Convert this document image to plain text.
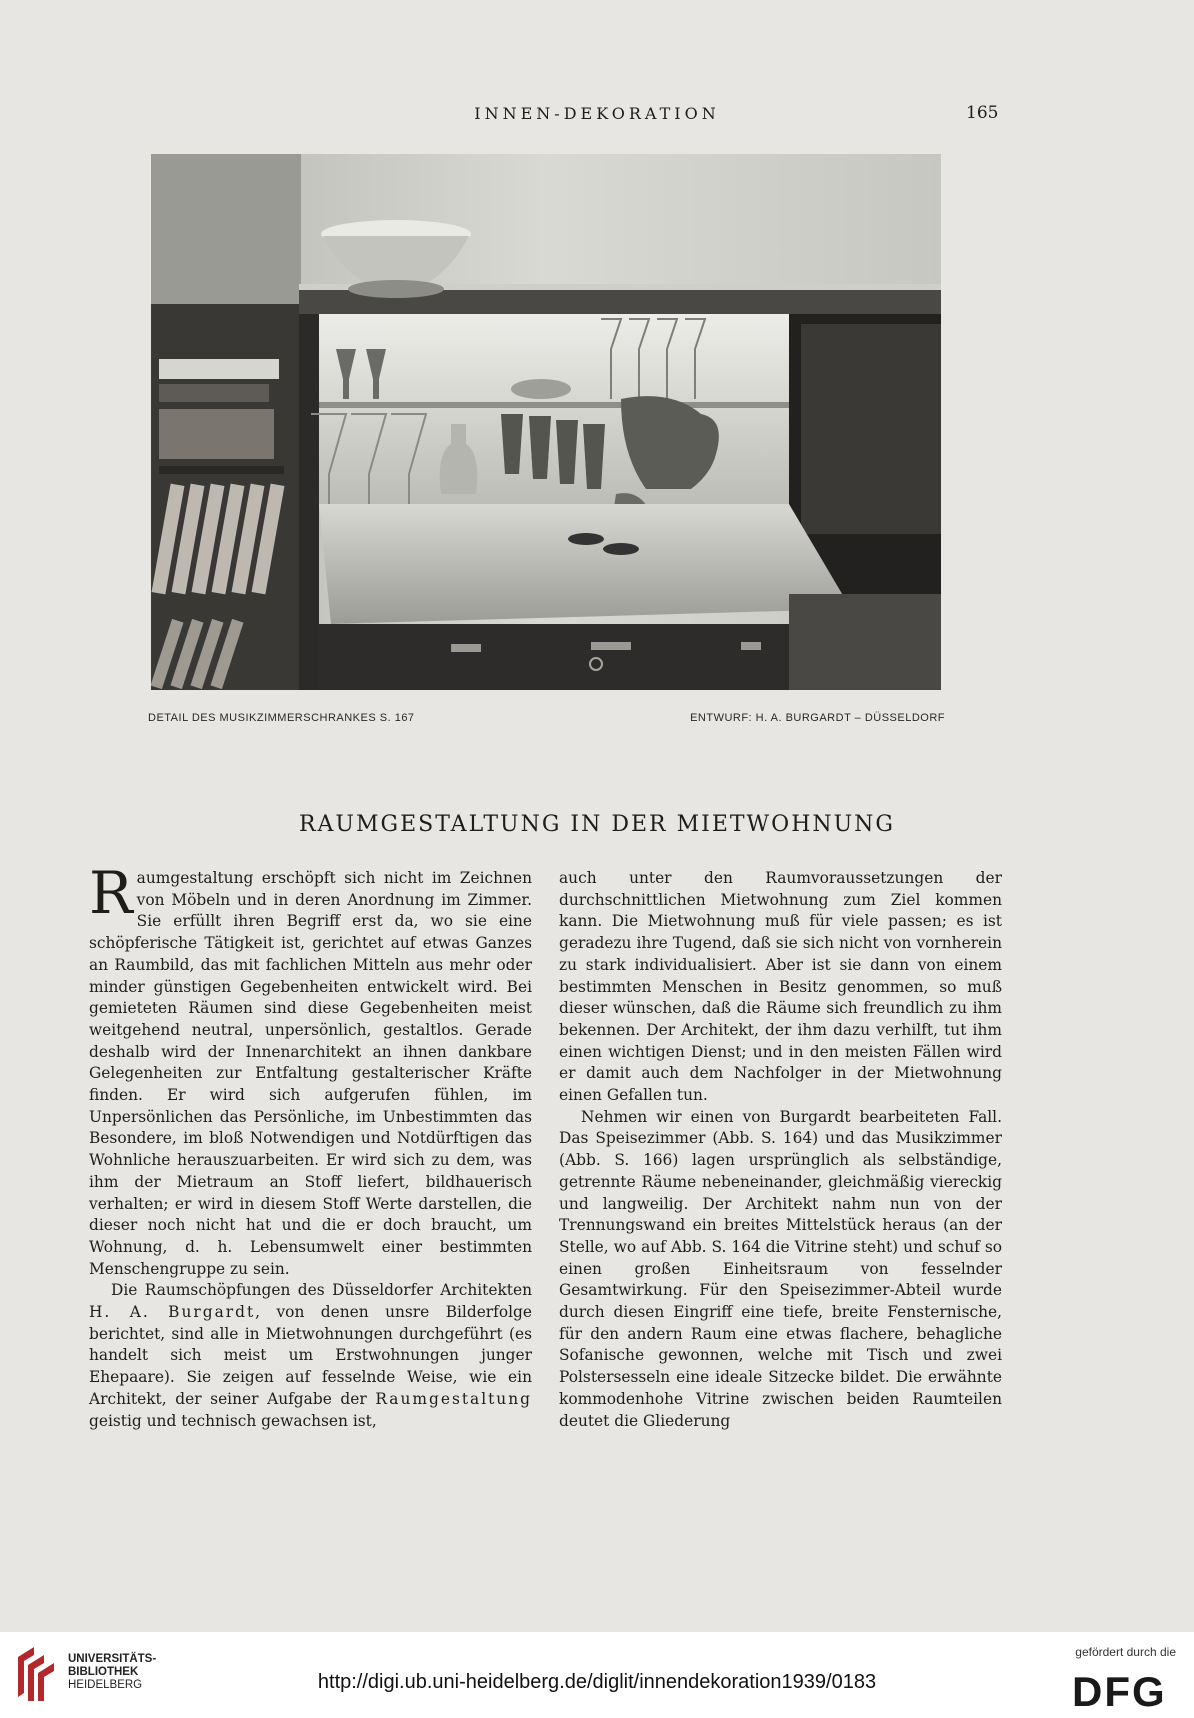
INNEN-DEKORATION	165
DETAIL DES MUSIKZIMMERSCHRANKES S. 167	ENTWURF: H. A. BURGARDT – DÜSSELDORF
RAUMGESTALTUNG IN DER MIETWOHNUNG

Raumgestaltung erschöpft sich nicht im Zeichnen von Möbeln und in deren Anordnung im Zimmer. Sie erfüllt ihren Begriff erst da, wo sie eine schöpferische Tätigkeit ist, gerichtet auf etwas Ganzes an Raumbild, das mit fachlichen Mitteln aus mehr oder minder günstigen Gegebenheiten entwickelt wird. Bei gemieteten Räumen sind diese Gegebenheiten meist weitgehend neutral, unpersönlich, gestaltlos. Gerade deshalb wird der Innenarchitekt an ihnen dankbare Gelegenheiten zur Entfaltung gestalterischer Kräfte finden. Er wird sich aufgerufen fühlen, im Unpersönlichen das Persönliche, im Unbestimmten das Besondere, im bloß Notwendigen und Notdürftigen das Wohnliche herauszuarbeiten. Er wird sich zu dem, was ihm der Mietraum an Stoff liefert, bildhauerisch verhalten; er wird in diesem Stoff Werte darstellen, die dieser noch nicht hat und die er doch braucht, um Wohnung, d. h. Lebensumwelt einer bestimmten Menschengruppe zu sein.

Die Raumschöpfungen des Düsseldorfer Architekten H. A. Burgardt, von denen unsre Bilderfolge berichtet, sind alle in Mietwohnungen durchgeführt (es handelt sich meist um Erstwohnungen junger Ehepaare). Sie zeigen auf fesselnde Weise, wie ein Architekt, der seiner Aufgabe der Raumgestaltung geistig und technisch gewachsen ist,

auch unter den Raumvoraussetzungen der durchschnittlichen Mietwohnung zum Ziel kommen kann. Die Mietwohnung muß für viele passen; es ist geradezu ihre Tugend, daß sie sich nicht von vornherein zu stark individualisiert. Aber ist sie dann von einem bestimmten Menschen in Besitz genommen, so muß dieser wünschen, daß die Räume sich freundlich zu ihm bekennen. Der Architekt, der ihm dazu verhilft, tut ihm einen wichtigen Dienst; und in den meisten Fällen wird er damit auch dem Nachfolger in der Mietwohnung einen Gefallen tun.

Nehmen wir einen von Burgardt bearbeiteten Fall. Das Speisezimmer (Abb. S. 164) und das Musikzimmer (Abb. S. 166) lagen ursprünglich als selbständige, getrennte Räume nebeneinander, gleichmäßig viereckig und langweilig. Der Architekt nahm nun von der Trennungswand ein breites Mittelstück heraus (an der Stelle, wo auf Abb. S. 164 die Vitrine steht) und schuf so einen großen Einheitsraum von fesselnder Gesamtwirkung. Für den Speisezimmer-Abteil wurde durch diesen Eingriff eine tiefe, breite Fensternische, für den andern Raum eine etwas flachere, behagliche Sofanische gewonnen, welche mit Tisch und zwei Polstersesseln eine ideale Sitzecke bildet. Die erwähnte kommodenhohe Vitrine zwischen beiden Raumteilen deutet die Gliederung

UNIVERSITÄTS-
BIBLIOTHEK
HEIDELBERG	http://digi.ub.uni-heidelberg.de/diglit/innendekoration1939/0183
gefördert durch die
DFG
